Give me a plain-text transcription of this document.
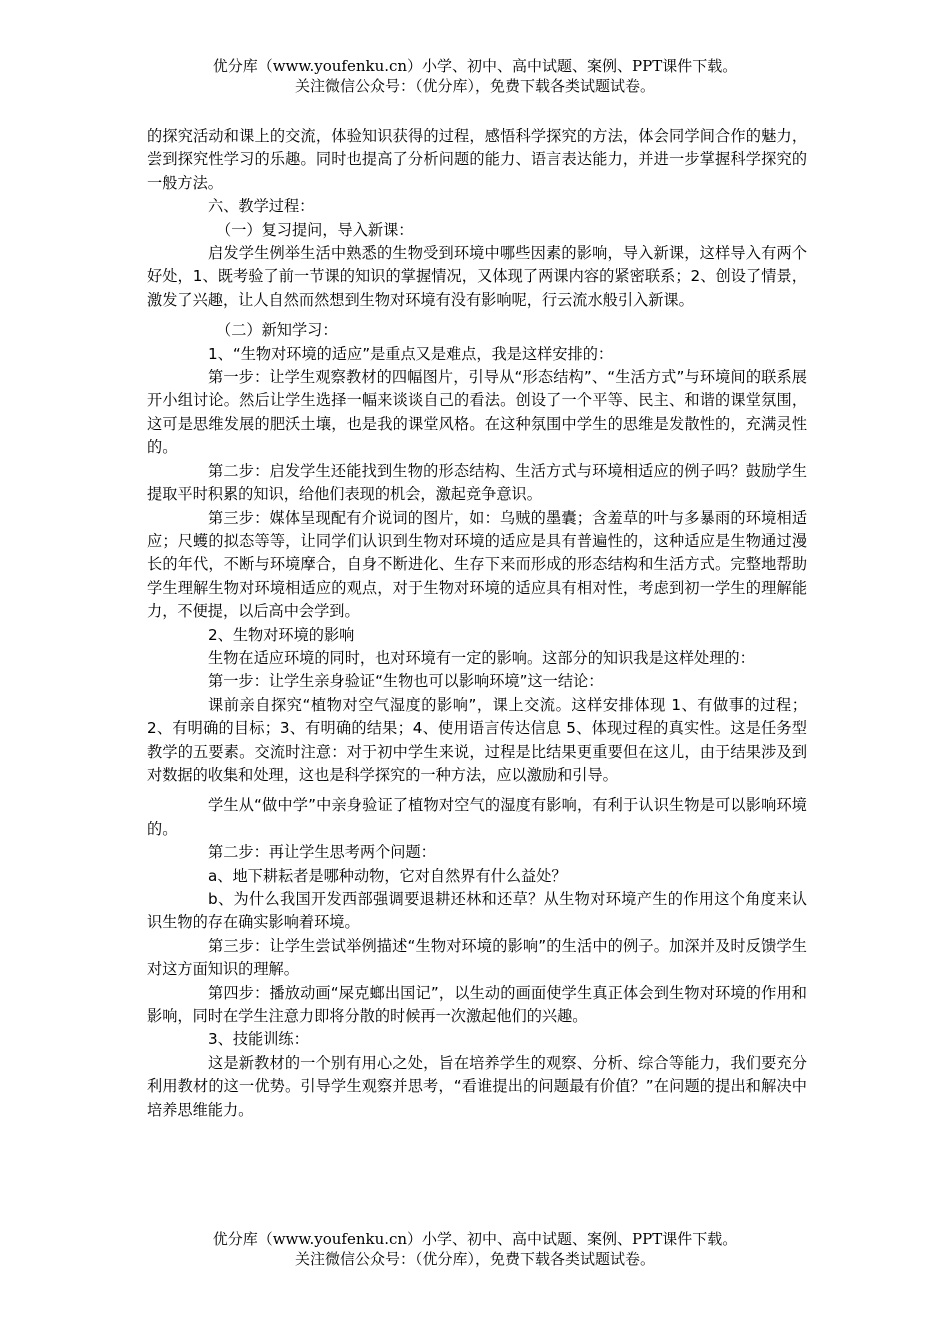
优分库（www.youfenku.cn）小学、初中、高中试题、案例、PPT课件下载。
关注微信公众号：（优分库），免费下载各类试题试卷。

的探究活动和课上的交流，体验知识获得的过程，感悟科学探究的方法，体会同学间合作的魅力，尝到探究性学习的乐趣。同时也提高了分析问题的能力、语言表达能力，并进一步掌握科学探究的一般方法。

六、教学过程：

（一）复习提问，导入新课：

启发学生例举生活中熟悉的生物受到环境中哪些因素的影响，导入新课，这样导入有两个好处，1、既考验了前一节课的知识的掌握情况，又体现了两课内容的紧密联系；2、创设了情景，激发了兴趣，让人自然而然想到生物对环境有没有影响呢，行云流水般引入新课。

（二）新知学习：

1、“生物对环境的适应”是重点又是难点，我是这样安排的：

第一步：让学生观察教材的四幅图片，引导从“形态结构”、“生活方式”与环境间的联系展开小组讨论。然后让学生选择一幅来谈谈自己的看法。创设了一个平等、民主、和谐的课堂氛围，这可是思维发展的肥沃土壤，也是我的课堂风格。在这种氛围中学生的思维是发散性的，充满灵性的。

第二步：启发学生还能找到生物的形态结构、生活方式与环境相适应的例子吗？鼓励学生提取平时积累的知识，给他们表现的机会，激起竞争意识。

第三步：媒体呈现配有介说词的图片，如：乌贼的墨囊；含羞草的叶与多暴雨的环境相适应；尺蠖的拟态等等，让同学们认识到生物对环境的适应是具有普遍性的，这种适应是生物通过漫长的年代，不断与环境摩合，自身不断进化、生存下来而形成的形态结构和生活方式。完整地帮助学生理解生物对环境相适应的观点，对于生物对环境的适应具有相对性，考虑到初一学生的理解能力，不便提，以后高中会学到。

2、生物对环境的影响

生物在适应环境的同时，也对环境有一定的影响。这部分的知识我是这样处理的：

第一步：让学生亲身验证“生物也可以影响环境”这一结论：

课前亲自探究“植物对空气湿度的影响”，课上交流。这样安排体现 1、有做事的过程；2、有明确的目标；3、有明确的结果；4、使用语言传达信息 5、体现过程的真实性。这是任务型教学的五要素。交流时注意：对于初中学生来说，过程是比结果更重要但在这儿，由于结果涉及到对数据的收集和处理，这也是科学探究的一种方法，应以激励和引导。

学生从“做中学”中亲身验证了植物对空气的湿度有影响，有利于认识生物是可以影响环境的。

第二步：再让学生思考两个问题：

a、地下耕耘者是哪种动物，它对自然界有什么益处？

b、为什么我国开发西部强调要退耕还林和还草？从生物对环境产生的作用这个角度来认识生物的存在确实影响着环境。

第三步：让学生尝试举例描述“生物对环境的影响”的生活中的例子。加深并及时反馈学生对这方面知识的理解。

第四步：播放动画“屎克螂出国记”，以生动的画面使学生真正体会到生物对环境的作用和影响，同时在学生注意力即将分散的时候再一次激起他们的兴趣。

3、技能训练：

这是新教材的一个别有用心之处，旨在培养学生的观察、分析、综合等能力，我们要充分利用教材的这一优势。引导学生观察并思考，“看谁提出的问题最有价值？”在问题的提出和解决中培养思维能力。

优分库（www.youfenku.cn）小学、初中、高中试题、案例、PPT课件下载。
关注微信公众号：（优分库），免费下载各类试题试卷。
